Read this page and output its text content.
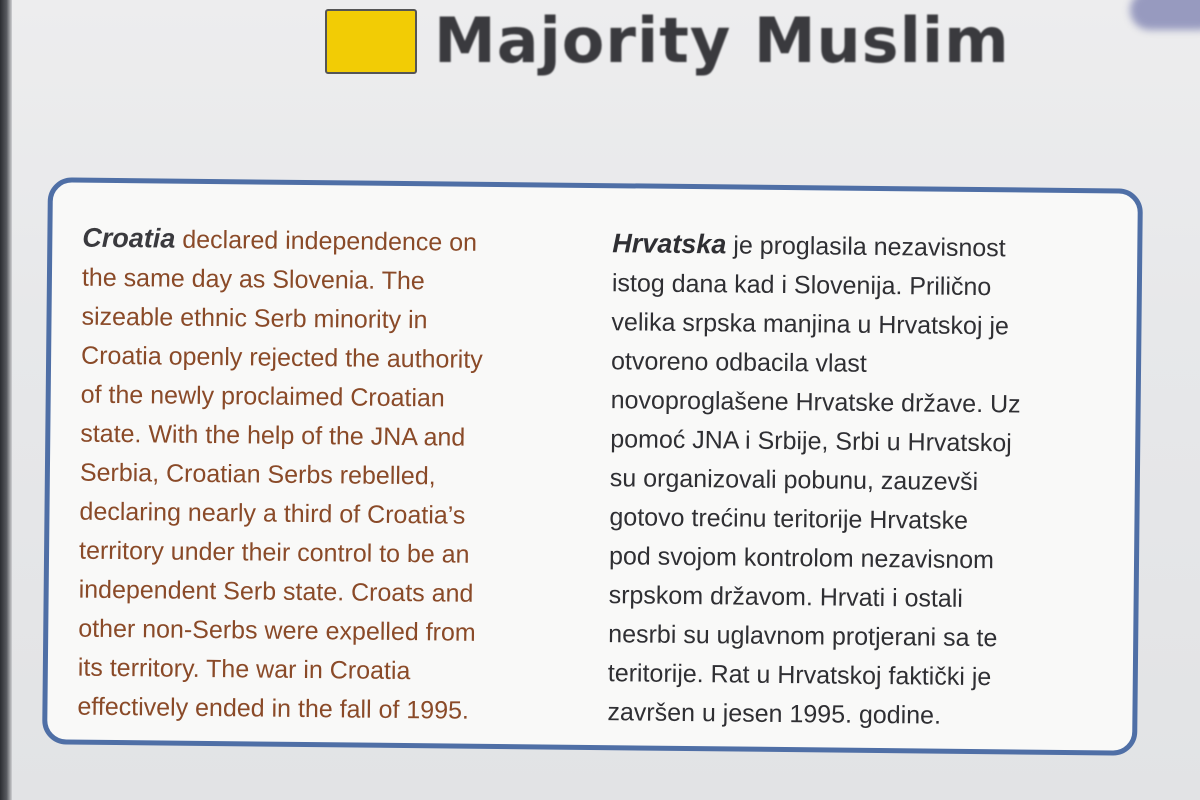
Majority Muslim
Croatia declared independence on
the same day as Slovenia. The
sizeable ethnic Serb minority in
Croatia openly rejected the authority
of the newly proclaimed Croatian
state. With the help of the JNA and
Serbia, Croatian Serbs rebelled,
declaring nearly a third of Croatia’s
territory under their control to be an
independent Serb state. Croats and
other non-Serbs were expelled from
its territory. The war in Croatia
effectively ended in the fall of 1995.
Hrvatska je proglasila nezavisnost
istog dana kad i Slovenija. Prilično
velika srpska manjina u Hrvatskoj je
otvoreno odbacila vlast
novoproglašene Hrvatske države. Uz
pomoć JNA i Srbije, Srbi u Hrvatskoj
su organizovali pobunu, zauzevši
gotovo trećinu teritorije Hrvatske
pod svojom kontrolom nezavisnom
srpskom državom. Hrvati i ostali
nesrbi su uglavnom protjerani sa te
teritorije. Rat u Hrvatskoj faktički je
završen u jesen 1995. godine.
